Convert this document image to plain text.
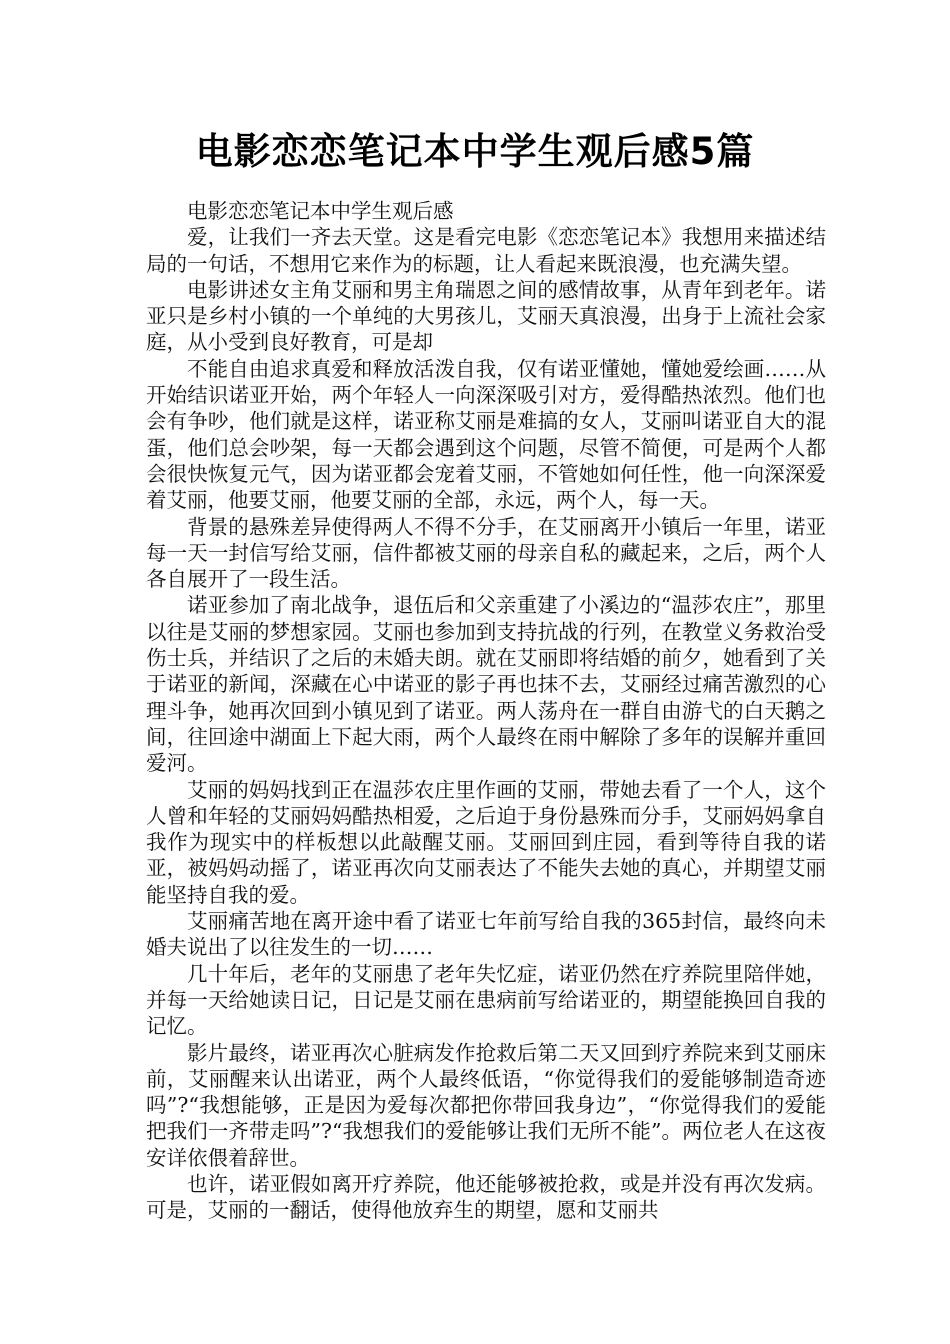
电影恋恋笔记本中学生观后感5篇

电影恋恋笔记本中学生观后感

爱，让我们一齐去天堂。这是看完电影《恋恋笔记本》我想用来描述结局的一句话，不想用它来作为的标题，让人看起来既浪漫，也充满失望。

电影讲述女主角艾丽和男主角瑞恩之间的感情故事，从青年到老年。诺亚只是乡村小镇的一个单纯的大男孩儿，艾丽天真浪漫，出身于上流社会家庭，从小受到良好教育，可是却

不能自由追求真爱和释放活泼自我，仅有诺亚懂她，懂她爱绘画……从开始结识诺亚开始，两个年轻人一向深深吸引对方，爱得酷热浓烈。他们也会有争吵，他们就是这样，诺亚称艾丽是难搞的女人，艾丽叫诺亚自大的混蛋，他们总会吵架，每一天都会遇到这个问题，尽管不简便，可是两个人都会很快恢复元气，因为诺亚都会宠着艾丽，不管她如何任性，他一向深深爱着艾丽，他要艾丽，他要艾丽的全部，永远，两个人，每一天。

背景的悬殊差异使得两人不得不分手，在艾丽离开小镇后一年里，诺亚每一天一封信写给艾丽，信件都被艾丽的母亲自私的藏起来，之后，两个人各自展开了一段生活。

诺亚参加了南北战争，退伍后和父亲重建了小溪边的“温莎农庄”，那里以往是艾丽的梦想家园。艾丽也参加到支持抗战的行列，在教堂义务救治受伤士兵，并结识了之后的未婚夫朗。就在艾丽即将结婚的前夕，她看到了关于诺亚的新闻，深藏在心中诺亚的影子再也抹不去，艾丽经过痛苦激烈的心理斗争，她再次回到小镇见到了诺亚。两人荡舟在一群自由游弋的白天鹅之间，往回途中湖面上下起大雨，两个人最终在雨中解除了多年的误解并重回爱河。

艾丽的妈妈找到正在温莎农庄里作画的艾丽，带她去看了一个人，这个人曾和年轻的艾丽妈妈酷热相爱，之后迫于身份悬殊而分手，艾丽妈妈拿自我作为现实中的样板想以此敲醒艾丽。艾丽回到庄园，看到等待自我的诺亚，被妈妈动摇了，诺亚再次向艾丽表达了不能失去她的真心，并期望艾丽能坚持自我的爱。

艾丽痛苦地在离开途中看了诺亚七年前写给自我的365封信，最终向未婚夫说出了以往发生的一切……

几十年后，老年的艾丽患了老年失忆症，诺亚仍然在疗养院里陪伴她，并每一天给她读日记，日记是艾丽在患病前写给诺亚的，期望能换回自我的记忆。

影片最终，诺亚再次心脏病发作抢救后第二天又回到疗养院来到艾丽床前，艾丽醒来认出诺亚，两个人最终低语，“你觉得我们的爱能够制造奇迹吗”?“我想能够，正是因为爱每次都把你带回我身边”，“你觉得我们的爱能把我们一齐带走吗”?“我想我们的爱能够让我们无所不能”。两位老人在这夜安详依偎着辞世。

也许，诺亚假如离开疗养院，他还能够被抢救，或是并没有再次发病。可是，艾丽的一翻话，使得他放弃生的期望，愿和艾丽共
